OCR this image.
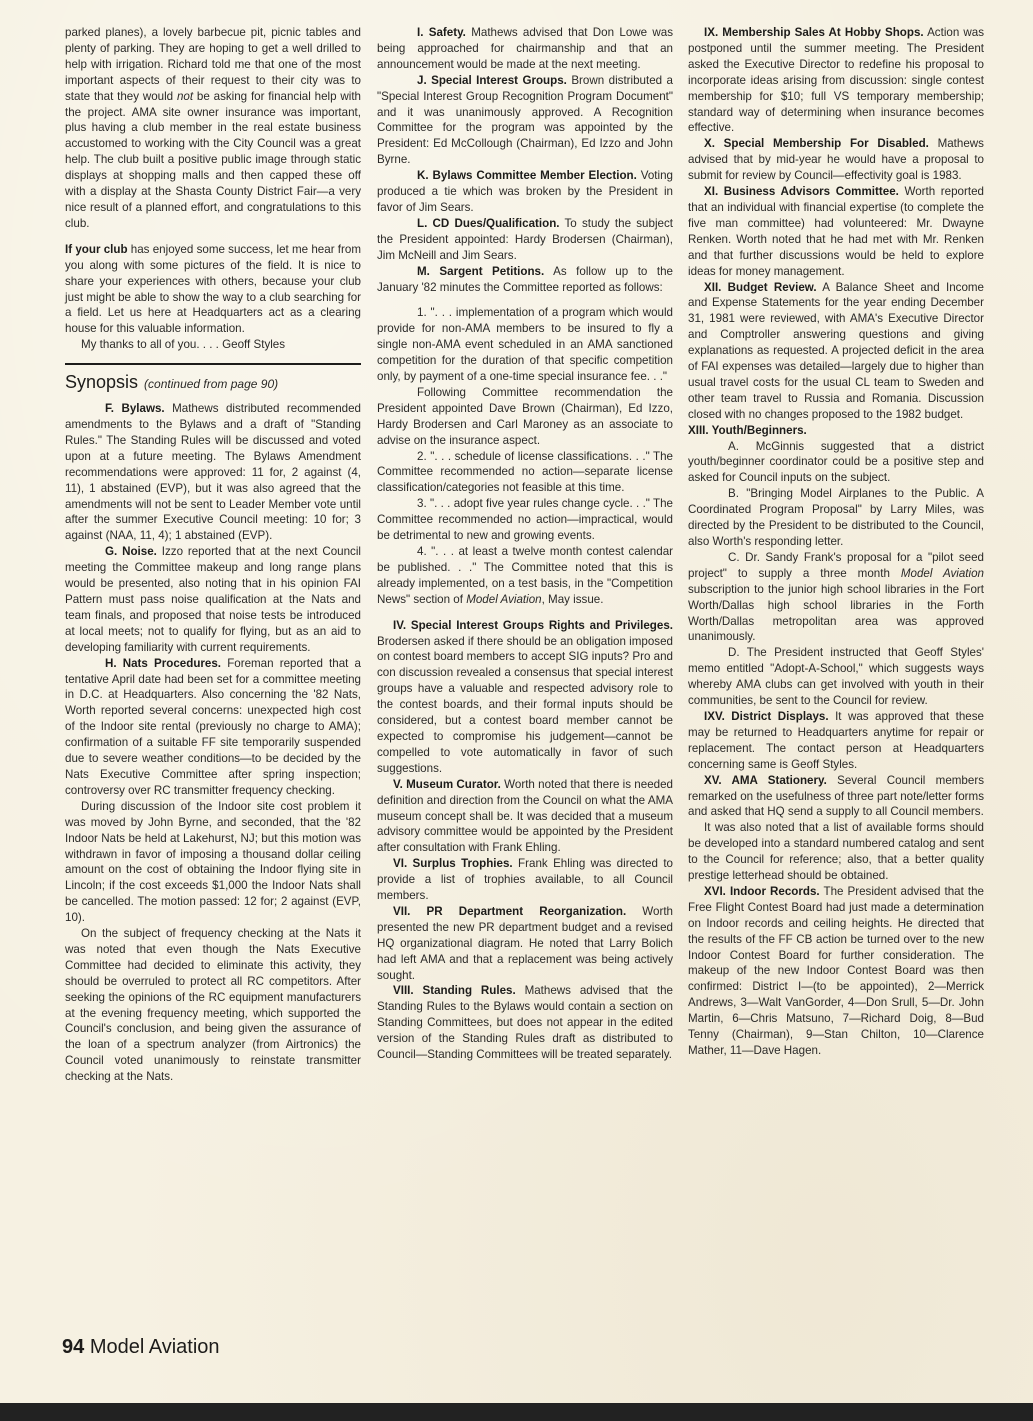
parked planes), a lovely barbecue pit, picnic tables and plenty of parking. They are hoping to get a well drilled to help with irrigation. Richard told me that one of the most important aspects of their request to their city was to state that they would not be asking for financial help with the project. AMA site owner insurance was important, plus having a club member in the real estate business accustomed to working with the City Council was a great help. The club built a positive public image through static displays at shopping malls and then capped these off with a display at the Shasta County District Fair—a very nice result of a planned effort, and congratulations to this club.

If your club has enjoyed some success, let me hear from you along with some pictures of the field. It is nice to share your experiences with others, because your club just might be able to show the way to a club searching for a field. Let us here at Headquarters act as a clearing house for this valuable information.

My thanks to all of you. . . . Geoff Styles

Synopsis (continued from page 90)

F. Bylaws. Mathews distributed recommended amendments to the Bylaws and a draft of "Standing Rules." The Standing Rules will be discussed and voted upon at a future meeting. The Bylaws Amendment recommendations were approved: 11 for, 2 against (4, 11), 1 abstained (EVP), but it was also agreed that the amendments will not be sent to Leader Member vote until after the summer Executive Council meeting: 10 for; 3 against (NAA, 11, 4); 1 abstained (EVP).

G. Noise. Izzo reported that at the next Council meeting the Committee makeup and long range plans would be presented, also noting that in his opinion FAI Pattern must pass noise qualification at the Nats and team finals, and proposed that noise tests be introduced at local meets; not to qualify for flying, but as an aid to developing familiarity with current requirements.

H. Nats Procedures. Foreman reported that a tentative April date had been set for a committee meeting in D.C. at Headquarters. Also concerning the '82 Nats, Worth reported several concerns: unexpected high cost of the Indoor site rental (previously no charge to AMA); confirmation of a suitable FF site temporarily suspended due to severe weather conditions—to be decided by the Nats Executive Committee after spring inspection; controversy over RC transmitter frequency checking.

During discussion of the Indoor site cost problem it was moved by John Byrne, and seconded, that the '82 Indoor Nats be held at Lakehurst, NJ; but this motion was withdrawn in favor of imposing a thousand dollar ceiling amount on the cost of obtaining the Indoor flying site in Lincoln; if the cost exceeds $1,000 the Indoor Nats shall be cancelled. The motion passed: 12 for; 2 against (EVP, 10).

On the subject of frequency checking at the Nats it was noted that even though the Nats Executive Committee had decided to eliminate this activity, they should be overruled to protect all RC competitors. After seeking the opinions of the RC equipment manufacturers at the evening frequency meeting, which supported the Council's conclusion, and being given the assurance of the loan of a spectrum analyzer (from Airtronics) the Council voted unanimously to reinstate transmitter checking at the Nats.

I. Safety. Mathews advised that Don Lowe was being approached for chairmanship and that an announcement would be made at the next meeting.

J. Special Interest Groups. Brown distributed a "Special Interest Group Recognition Program Document" and it was unanimously approved. A Recognition Committee for the program was appointed by the President: Ed McCollough (Chairman), Ed Izzo and John Byrne.

K. Bylaws Committee Member Election. Voting produced a tie which was broken by the President in favor of Jim Sears.

L. CD Dues/Qualification. To study the subject the President appointed: Hardy Brodersen (Chairman), Jim McNeill and Jim Sears.

M. Sargent Petitions. As follow up to the January '82 minutes the Committee reported as follows:

1. ". . . implementation of a program which would provide for non-AMA members to be insured to fly a single non-AMA event scheduled in an AMA sanctioned competition for the duration of that specific competition only, by payment of a one-time special insurance fee. . ."

Following Committee recommendation the President appointed Dave Brown (Chairman), Ed Izzo, Hardy Brodersen and Carl Maroney as an associate to advise on the insurance aspect.

2. ". . . schedule of license classifications. . ." The Committee recommended no action—separate license classification/categories not feasible at this time.

3. ". . . adopt five year rules change cycle. . ." The Committee recommended no action—impractical, would be detrimental to new and growing events.

4. ". . . at least a twelve month contest calendar be published. . ." The Committee noted that this is already implemented, on a test basis, in the "Competition News" section of Model Aviation, May issue.

IV. Special Interest Groups Rights and Privileges. Brodersen asked if there should be an obligation imposed on contest board members to accept SIG inputs? Pro and con discussion revealed a consensus that special interest groups have a valuable and respected advisory role to the contest boards, and their formal inputs should be considered, but a contest board member cannot be expected to compromise his judgement—cannot be compelled to vote automatically in favor of such suggestions.

V. Museum Curator. Worth noted that there is needed definition and direction from the Council on what the AMA museum concept shall be. It was decided that a museum advisory committee would be appointed by the President after consultation with Frank Ehling.

VI. Surplus Trophies. Frank Ehling was directed to provide a list of trophies available, to all Council members.

VII. PR Department Reorganization. Worth presented the new PR department budget and a revised HQ organizational diagram. He noted that Larry Bolich had left AMA and that a replacement was being actively sought.

VIII. Standing Rules. Mathews advised that the Standing Rules to the Bylaws would contain a section on Standing Committees, but does not appear in the edited version of the Standing Rules draft as distributed to Council—Standing Committees will be treated separately.

IX. Membership Sales At Hobby Shops. Action was postponed until the summer meeting. The President asked the Executive Director to redefine his proposal to incorporate ideas arising from discussion: single contest membership for $10; full VS temporary membership; standard way of determining when insurance becomes effective.

X. Special Membership For Disabled. Mathews advised that by mid-year he would have a proposal to submit for review by Council—effectivity goal is 1983.

XI. Business Advisors Committee. Worth reported that an individual with financial expertise (to complete the five man committee) had volunteered: Mr. Dwayne Renken. Worth noted that he had met with Mr. Renken and that further discussions would be held to explore ideas for money management.

XII. Budget Review. A Balance Sheet and Income and Expense Statements for the year ending December 31, 1981 were reviewed, with AMA's Executive Director and Comptroller answering questions and giving explanations as requested. A projected deficit in the area of FAI expenses was detailed—largely due to higher than usual travel costs for the usual CL team to Sweden and other team travel to Russia and Romania. Discussion closed with no changes proposed to the 1982 budget.

XIII. Youth/Beginners.

A. McGinnis suggested that a district youth/beginner coordinator could be a positive step and asked for Council inputs on the subject.

B. "Bringing Model Airplanes to the Public. A Coordinated Program Proposal" by Larry Miles, was directed by the President to be distributed to the Council, also Worth's responding letter.

C. Dr. Sandy Frank's proposal for a "pilot seed project" to supply a three month Model Aviation subscription to the junior high school libraries in the Fort Worth/Dallas high school libraries in the Forth Worth/Dallas metropolitan area was approved unanimously.

D. The President instructed that Geoff Styles' memo entitled "Adopt-A-School," which suggests ways whereby AMA clubs can get involved with youth in their communities, be sent to the Council for review.

IXV. District Displays. It was approved that these may be returned to Headquarters anytime for repair or replacement. The contact person at Headquarters concerning same is Geoff Styles.

XV. AMA Stationery. Several Council members remarked on the usefulness of three part note/letter forms and asked that HQ send a supply to all Council members.

It was also noted that a list of available forms should be developed into a standard numbered catalog and sent to the Council for reference; also, that a better quality prestige letterhead should be obtained.

XVI. Indoor Records. The President advised that the Free Flight Contest Board had just made a determination on Indoor records and ceiling heights. He directed that the results of the FF CB action be turned over to the new Indoor Contest Board for further consideration. The makeup of the new Indoor Contest Board was then confirmed: District I—(to be appointed), 2—Merrick Andrews, 3—Walt VanGorder, 4—Don Srull, 5—Dr. John Martin, 6—Chris Matsuno, 7—Richard Doig, 8—Bud Tenny (Chairman), 9—Stan Chilton, 10—Clarence Mather, 11—Dave Hagen.

94 Model Aviation
